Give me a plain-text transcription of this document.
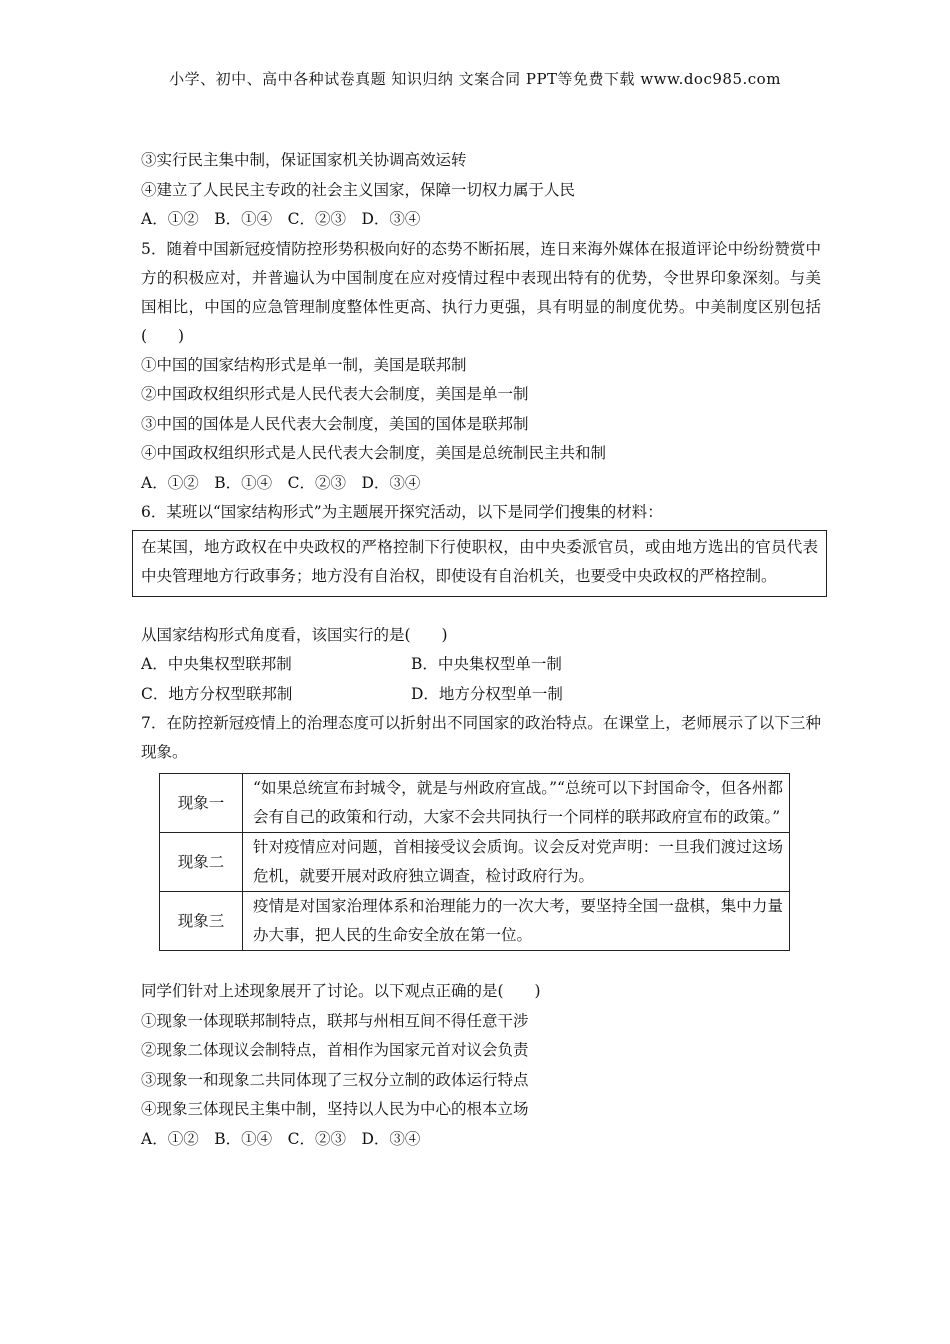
小学、初中、高中各种试卷真题 知识归纳 文案合同 PPT等免费下载 www.doc985.com
③实行民主集中制，保证国家机关协调高效运转
④建立了人民民主专政的社会主义国家，保障一切权力属于人民
A．①②　B．①④　C．②③　D．③④
5．随着中国新冠疫情防控形势积极向好的态势不断拓展，连日来海外媒体在报道评论中纷纷赞赏中方的积极应对，并普遍认为中国制度在应对疫情过程中表现出特有的优势，令世界印象深刻。与美国相比，中国的应急管理制度整体性更高、执行力更强，具有明显的制度优势。中美制度区别包括(　　)
①中国的国家结构形式是单一制，美国是联邦制
②中国政权组织形式是人民代表大会制度，美国是单一制
③中国的国体是人民代表大会制度，美国的国体是联邦制
④中国政权组织形式是人民代表大会制度，美国是总统制民主共和制
A．①②　B．①④　C．②③　D．③④
6．某班以“国家结构形式”为主题展开探究活动，以下是同学们搜集的材料：
在某国，地方政权在中央政权的严格控制下行使职权，由中央委派官员，或由地方选出的官员代表中央管理地方行政事务；地方没有自治权，即使设有自治机关，也要受中央政权的严格控制。
从国家结构形式角度看，该国实行的是(　　)
A．中央集权型联邦制	B．中央集权型单一制
C．地方分权型联邦制	D．地方分权型单一制
7．在防控新冠疫情上的治理态度可以折射出不同国家的政治特点。在课堂上，老师展示了以下三种现象。
现象一	“如果总统宣布封城令，就是与州政府宣战。”“总统可以下封国命令，但各州都会有自己的政策和行动，大家不会共同执行一个同样的联邦政府宣布的政策。”
现象二	针对疫情应对问题，首相接受议会质询。议会反对党声明：一旦我们渡过这场危机，就要开展对政府独立调查，检讨政府行为。
现象三	疫情是对国家治理体系和治理能力的一次大考，要坚持全国一盘棋，集中力量办大事，把人民的生命安全放在第一位。
同学们针对上述现象展开了讨论。以下观点正确的是(　　)
①现象一体现联邦制特点，联邦与州相互间不得任意干涉
②现象二体现议会制特点，首相作为国家元首对议会负责
③现象一和现象二共同体现了三权分立制的政体运行特点
④现象三体现民主集中制，坚持以人民为中心的根本立场
A．①②　B．①④　C．②③　D．③④
